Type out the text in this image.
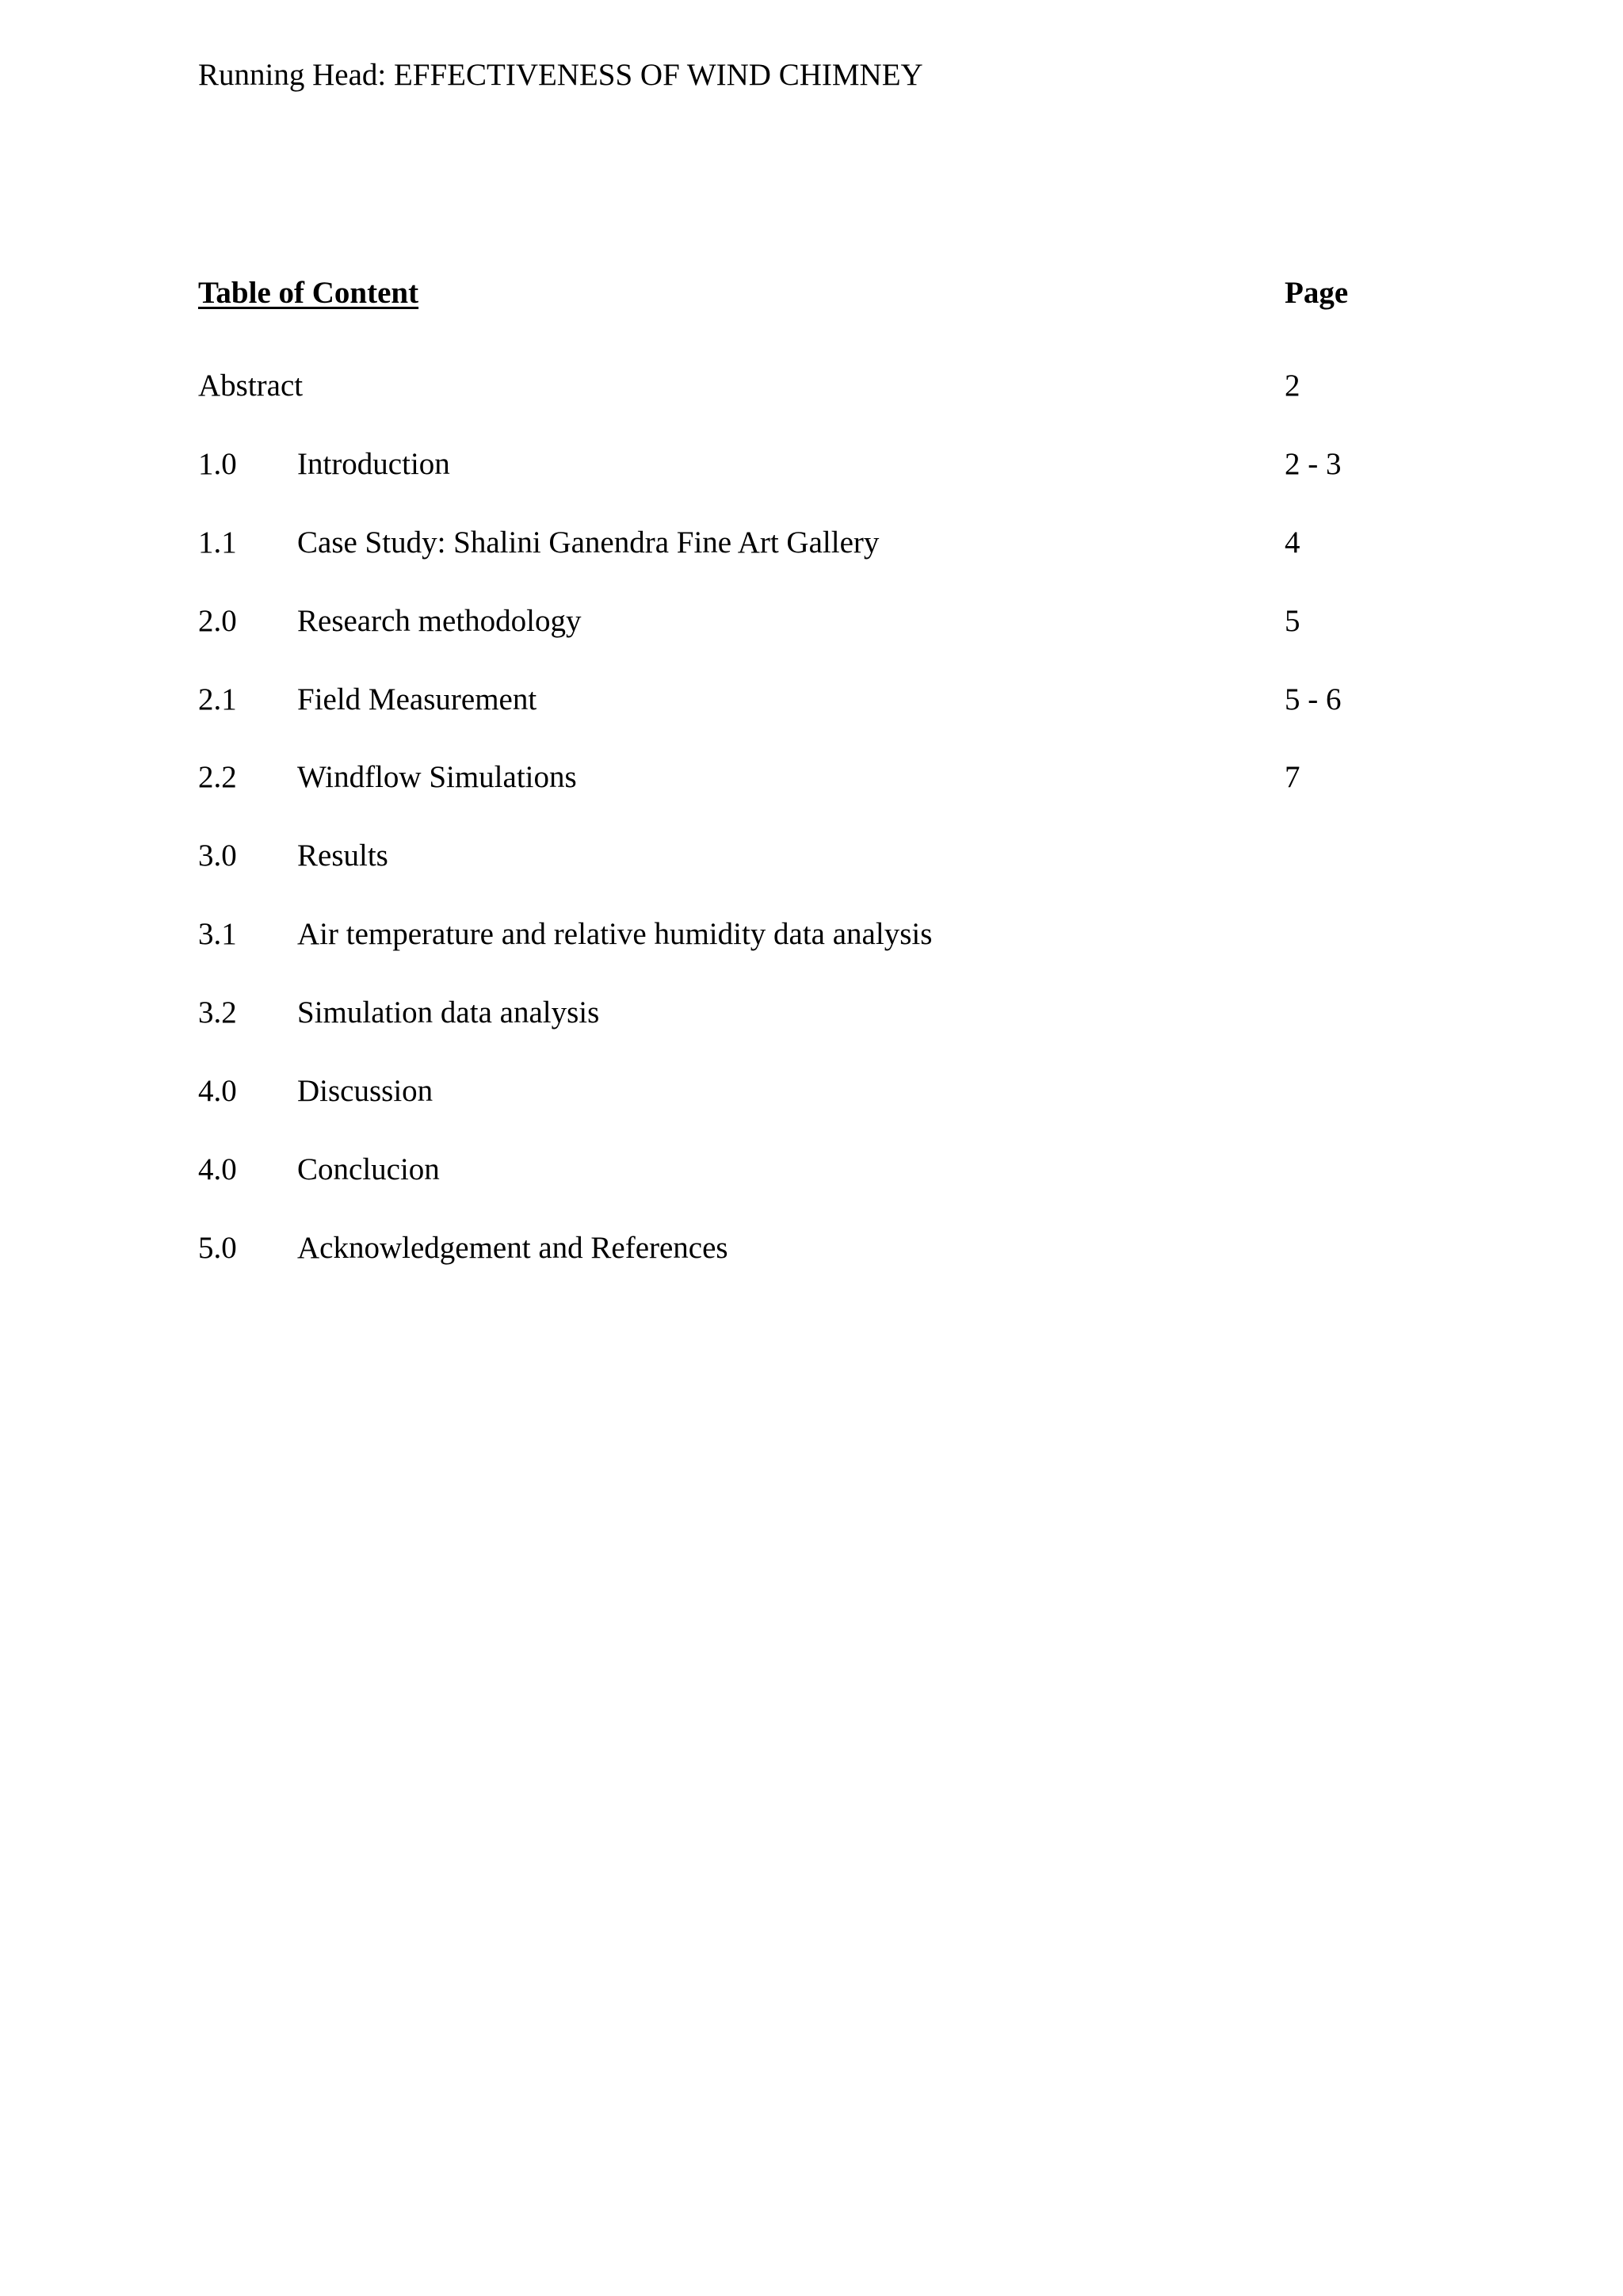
Running Head: EFFECTIVENESS OF WIND CHIMNEY
Table of Content	Page
Abstract	2
1.0 Introduction	2 - 3
1.1 Case Study: Shalini Ganendra Fine Art Gallery	4
2.0 Research methodology	5
2.1 Field Measurement	5 - 6
2.2 Windflow Simulations	7
3.0 Results
3.1 Air temperature and relative humidity data analysis
3.2 Simulation data analysis
4.0 Discussion
4.0 Conclucion
5.0 Acknowledgement and References
